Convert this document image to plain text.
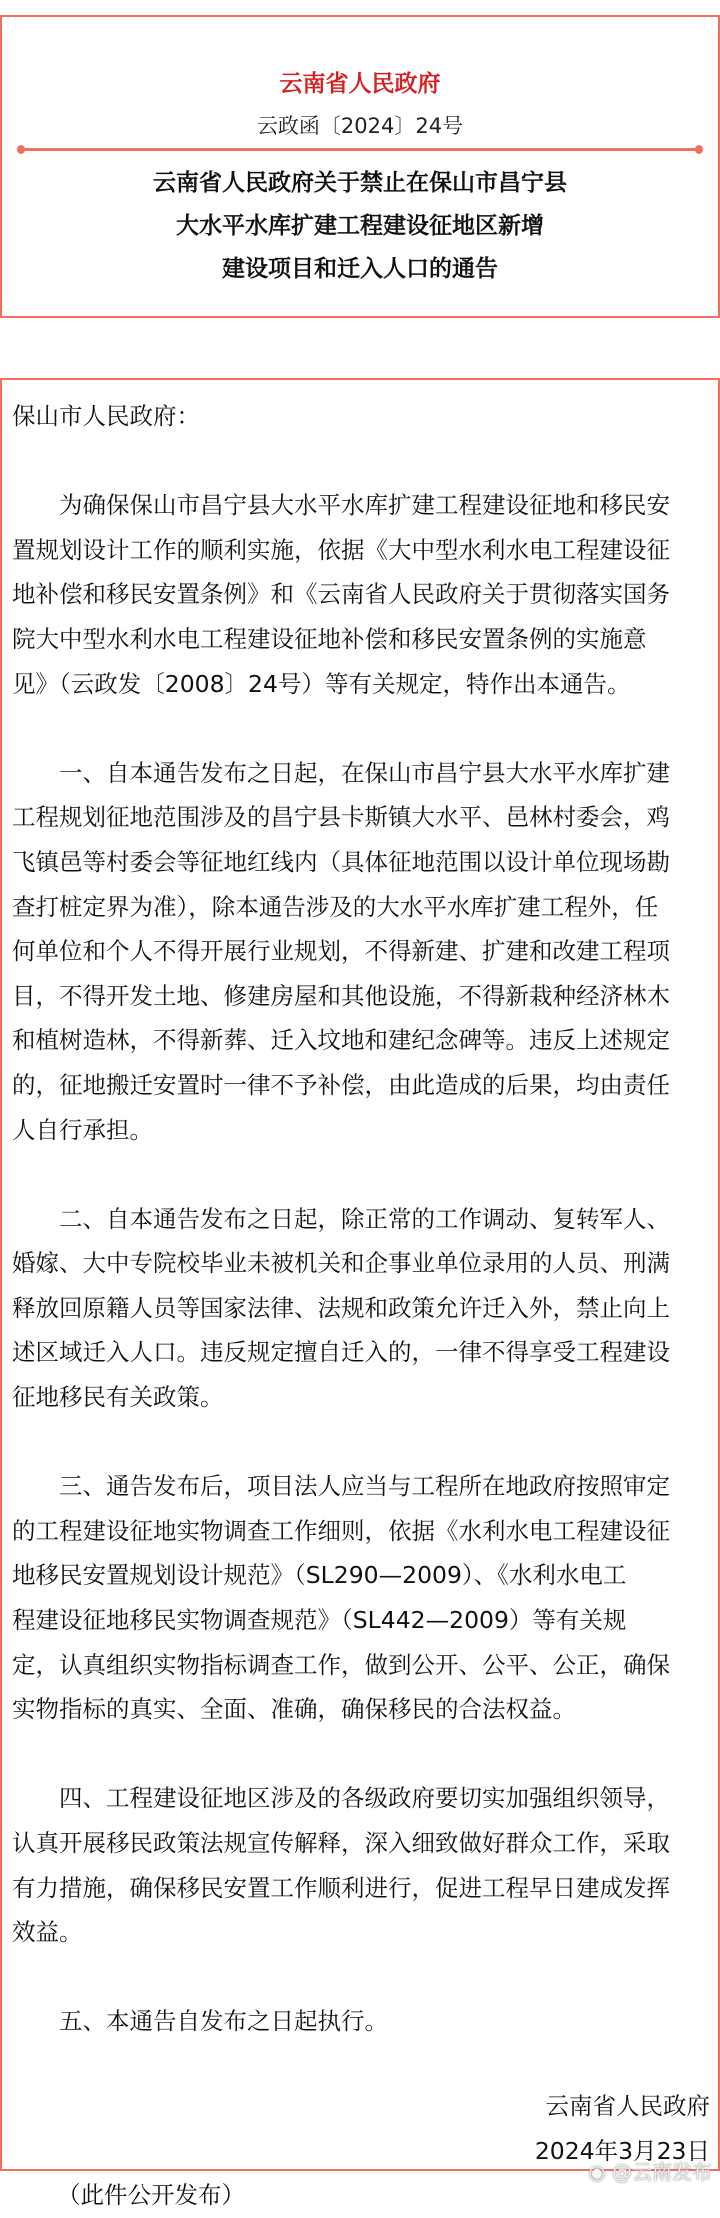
云南省人民政府
云政函〔2024〕24号
云南省人民政府关于禁止在保山市昌宁县
大水平水库扩建工程建设征地区新增
建设项目和迁入人口的通告
保山市人民政府：
为确保保山市昌宁县大水平水库扩建工程建设征地和移民安
置规划设计工作的顺利实施，依据《大中型水利水电工程建设征
地补偿和移民安置条例》和《云南省人民政府关于贯彻落实国务
院大中型水利水电工程建设征地补偿和移民安置条例的实施意
见》（云政发〔2008〕24号）等有关规定，特作出本通告。
一、自本通告发布之日起，在保山市昌宁县大水平水库扩建
工程规划征地范围涉及的昌宁县卡斯镇大水平、邑林村委会，鸡
飞镇邑等村委会等征地红线内（具体征地范围以设计单位现场勘
查打桩定界为准），除本通告涉及的大水平水库扩建工程外，任
何单位和个人不得开展行业规划，不得新建、扩建和改建工程项
目，不得开发土地、修建房屋和其他设施，不得新栽种经济林木
和植树造林，不得新葬、迁入坟地和建纪念碑等。违反上述规定
的，征地搬迁安置时一律不予补偿，由此造成的后果，均由责任
人自行承担。
二、自本通告发布之日起，除正常的工作调动、复转军人、
婚嫁、大中专院校毕业未被机关和企事业单位录用的人员、刑满
释放回原籍人员等国家法律、法规和政策允许迁入外，禁止向上
述区域迁入人口。违反规定擅自迁入的，一律不得享受工程建设
征地移民有关政策。
三、通告发布后，项目法人应当与工程所在地政府按照审定
的工程建设征地实物调查工作细则，依据《水利水电工程建设征
地移民安置规划设计规范》（SL290—2009）、《水利水电工
程建设征地移民实物调查规范》（SL442—2009）等有关规
定，认真组织实物指标调查工作，做到公开、公平、公正，确保
实物指标的真实、全面、准确，确保移民的合法权益。
四、工程建设征地区涉及的各级政府要切实加强组织领导，
认真开展移民政策法规宣传解释，深入细致做好群众工作，采取
有力措施，确保移民安置工作顺利进行，促进工程早日建成发挥
效益。
五、本通告自发布之日起执行。
云南省人民政府
2024年3月23日
（此件公开发布）
◉ @云南发布
